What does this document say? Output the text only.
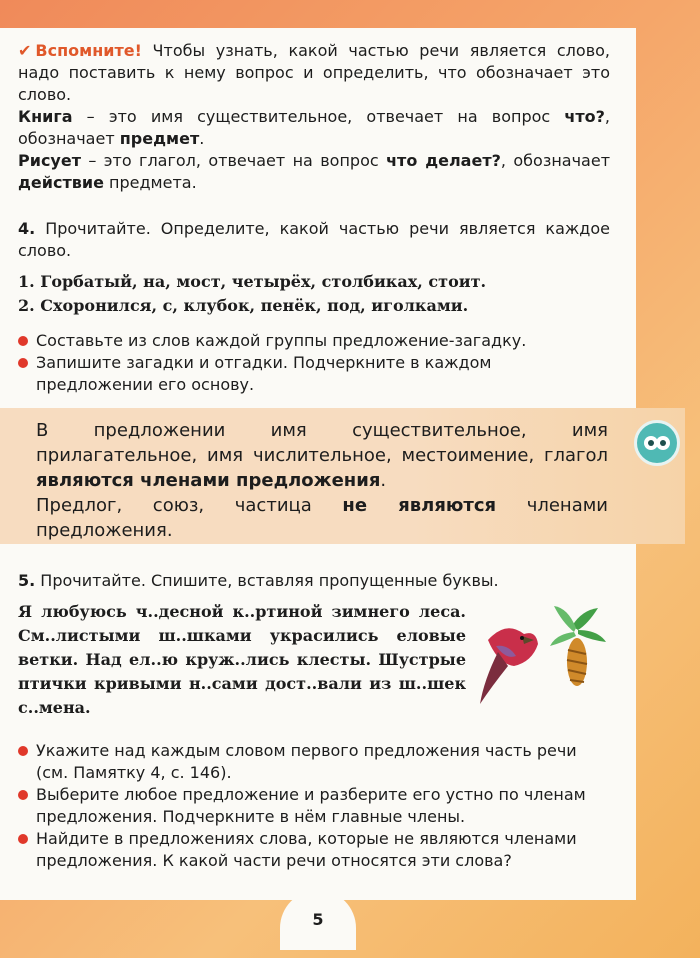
✔ Вспомните! Чтобы узнать, какой частью речи является слово, надо поставить к нему вопрос и определить, что обозначает это слово.

Книга – это имя существительное, отвечает на вопрос что?, обозначает предмет.

Рисует – это глагол, отвечает на вопрос что делает?, обозначает действие предмета.

4. Прочитайте. Определите, какой частью речи является каждое слово.

1. Горбатый, на, мост, четырёх, столбиках, стоит.
2. Схоронился, с, клубок, пенёк, под, иголками.
Составьте из слов каждой группы предложение-загадку.
Запишите загадки и отгадки. Подчеркните в каждом предложении его основу.

В предложении имя существительное, имя прилагательное, имя числительное, местоимение, глагол являются членами предложения.

Предлог, союз, частица не являются членами предложения.

5. Прочитайте. Спишите, вставляя пропущенные буквы.

Я любуюсь ч..десной к..ртиной зимнего леса. См..листыми ш..шками украсились еловые ветки. Над ел..ю круж..лись клесты. Шустрые птички кривыми н..сами дост..вали из ш..шек с..мена.
Укажите над каждым словом первого предложения часть речи (см. Памятку 4, с. 146).
Выберите любое предложение и разберите его устно по членам предложения. Подчеркните в нём главные члены.
Найдите в предложениях слова, которые не являются членами предложения. К какой части речи относятся эти слова?
5
